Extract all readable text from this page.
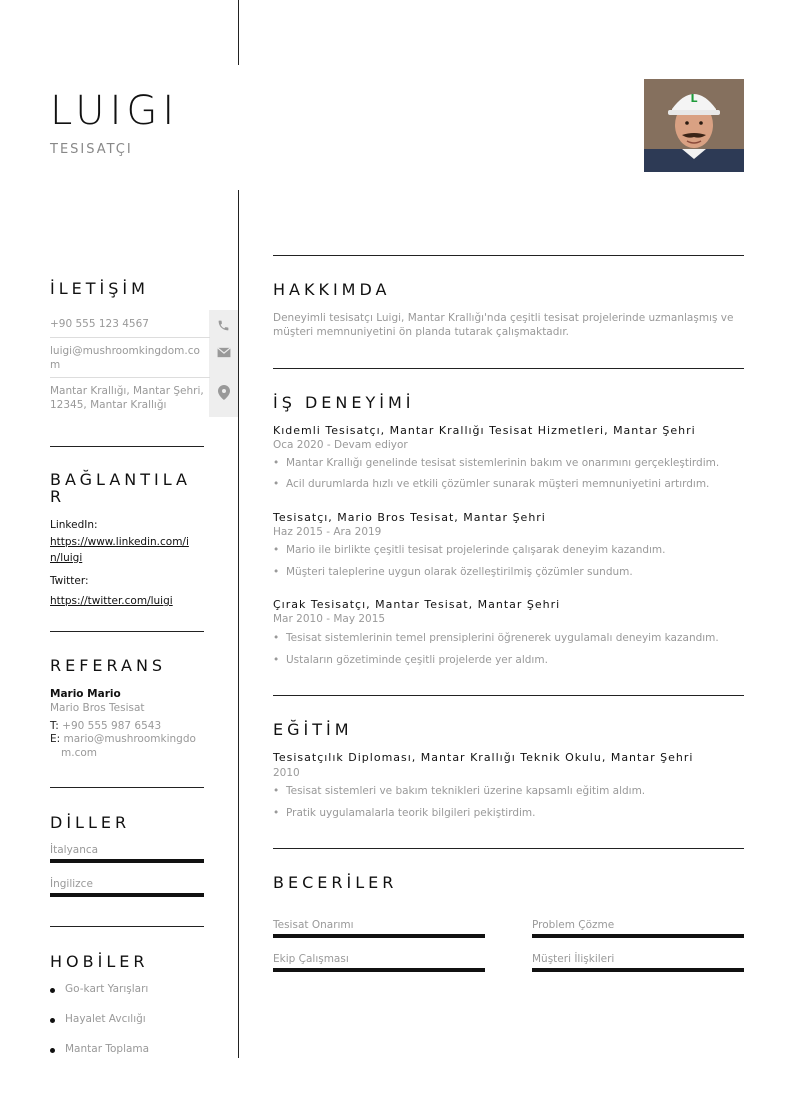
LUIGI
TESISATÇI
L
İLETİŞİM
+90 555 123 4567
luigi@mushroomkingdom.co
m
Mantar Krallığı, Mantar Şehri,
12345, Mantar Krallığı
BAĞLANTILA
R
LinkedIn:
https://www.linkedin.com/i
n/luigi
Twitter:
https://twitter.com/luigi
REFERANS
Mario Mario
Mario Bros Tesisat
T: +90 555 987 6543
E: mario@mushroomkingdo
m.com
DİLLER
İtalyanca
İngilizce
HOBİLER
Go-kart Yarışları
Hayalet Avcılığı
Mantar Toplama
HAKKIMDA
Deneyimli tesisatçı Luigi, Mantar Krallığı'nda çeşitli tesisat projelerinde uzmanlaşmış ve
müşteri memnuniyetini ön planda tutarak çalışmaktadır.
İŞ DENEYİMİ
Kıdemli Tesisatçı, Mantar Krallığı Tesisat Hizmetleri, Mantar Şehri
Oca 2020 - Devam ediyor
• Mantar Krallığı genelinde tesisat sistemlerinin bakım ve onarımını gerçekleştirdim.
• Acil durumlarda hızlı ve etkili çözümler sunarak müşteri memnuniyetini artırdım.
Tesisatçı, Mario Bros Tesisat, Mantar Şehri
Haz 2015 - Ara 2019
• Mario ile birlikte çeşitli tesisat projelerinde çalışarak deneyim kazandım.
• Müşteri taleplerine uygun olarak özelleştirilmiş çözümler sundum.
Çırak Tesisatçı, Mantar Tesisat, Mantar Şehri
Mar 2010 - May 2015
• Tesisat sistemlerinin temel prensiplerini öğrenerek uygulamalı deneyim kazandım.
• Ustaların gözetiminde çeşitli projelerde yer aldım.
EĞİTİM
Tesisatçılık Diploması, Mantar Krallığı Teknik Okulu, Mantar Şehri
2010
• Tesisat sistemleri ve bakım teknikleri üzerine kapsamlı eğitim aldım.
• Pratik uygulamalarla teorik bilgileri pekiştirdim.
BECERİLER
Tesisat Onarımı	Problem Çözme
Ekip Çalışması	Müşteri İlişkileri
